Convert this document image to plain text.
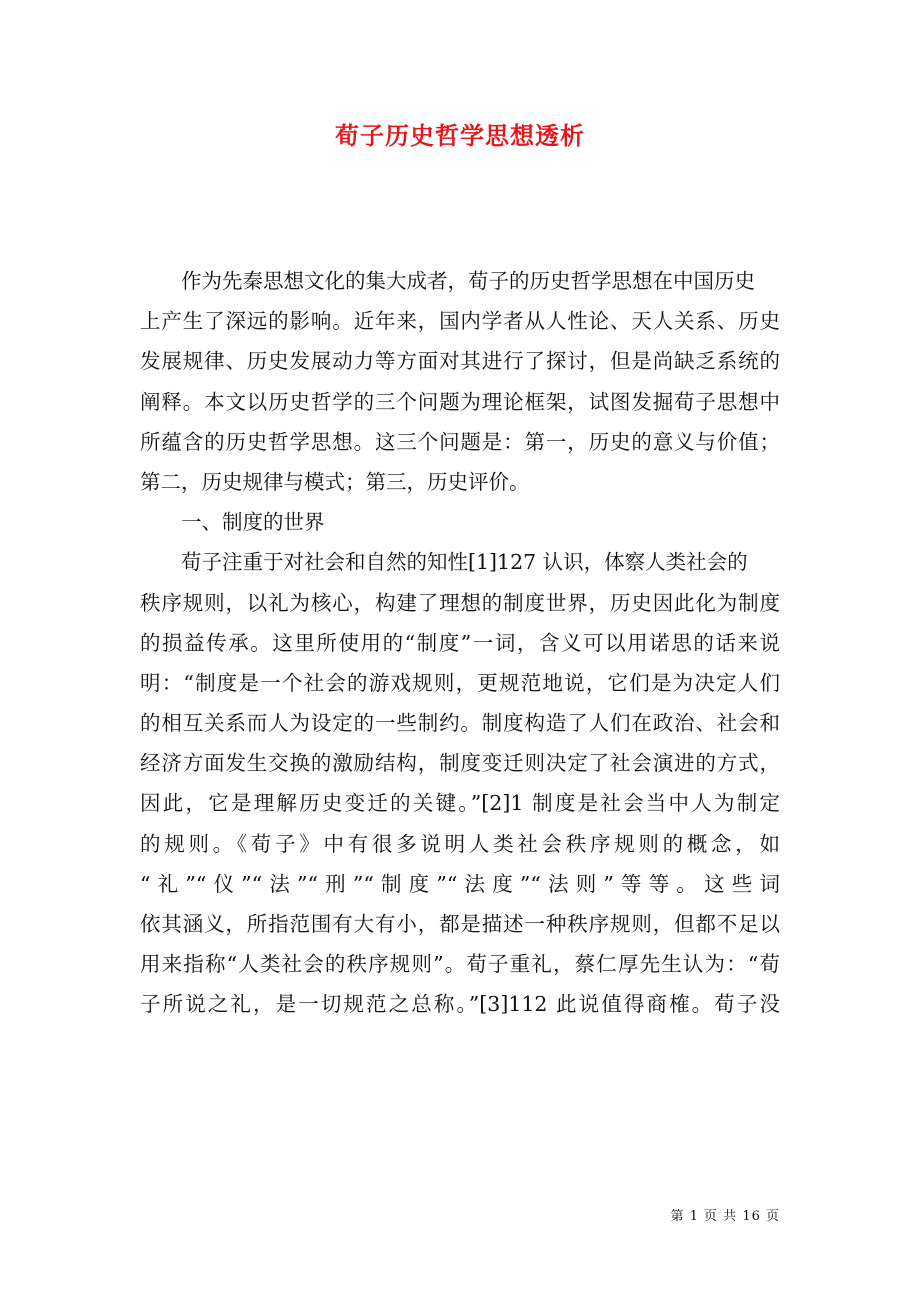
荀子历史哲学思想透析
作为先秦思想文化的集大成者，荀子的历史哲学思想在中国历史
上产生了深远的影响。近年来，国内学者从人性论、天人关系、历史
发展规律、历史发展动力等方面对其进行了探讨，但是尚缺乏系统的
阐释。本文以历史哲学的三个问题为理论框架，试图发掘荀子思想中
所蕴含的历史哲学思想。这三个问题是：第一，历史的意义与价值；
第二，历史规律与模式；第三，历史评价。
一、制度的世界
荀子注重于对社会和自然的知性[1]127 认识，体察人类社会的
秩序规则，以礼为核心，构建了理想的制度世界，历史因此化为制度
的损益传承。这里所使用的“制度”一词，含义可以用诺思的话来说
明：“制度是一个社会的游戏规则，更规范地说，它们是为决定人们
的相互关系而人为设定的一些制约。制度构造了人们在政治、社会和
经济方面发生交换的激励结构，制度变迁则决定了社会演进的方式，
因此，它是理解历史变迁的关键。”[2]1 制度是社会当中人为制定
的规则。《荀子》中有很多说明人类社会秩序规则的概念，如
“礼”“仪”“法”“刑”“制度”“法度”“法则”等等。这些词
依其涵义，所指范围有大有小，都是描述一种秩序规则，但都不足以
用来指称“人类社会的秩序规则”。荀子重礼，蔡仁厚先生认为：“荀
子所说之礼，是一切规范之总称。”[3]112 此说值得商榷。荀子没
第 1 页 共 16 页
